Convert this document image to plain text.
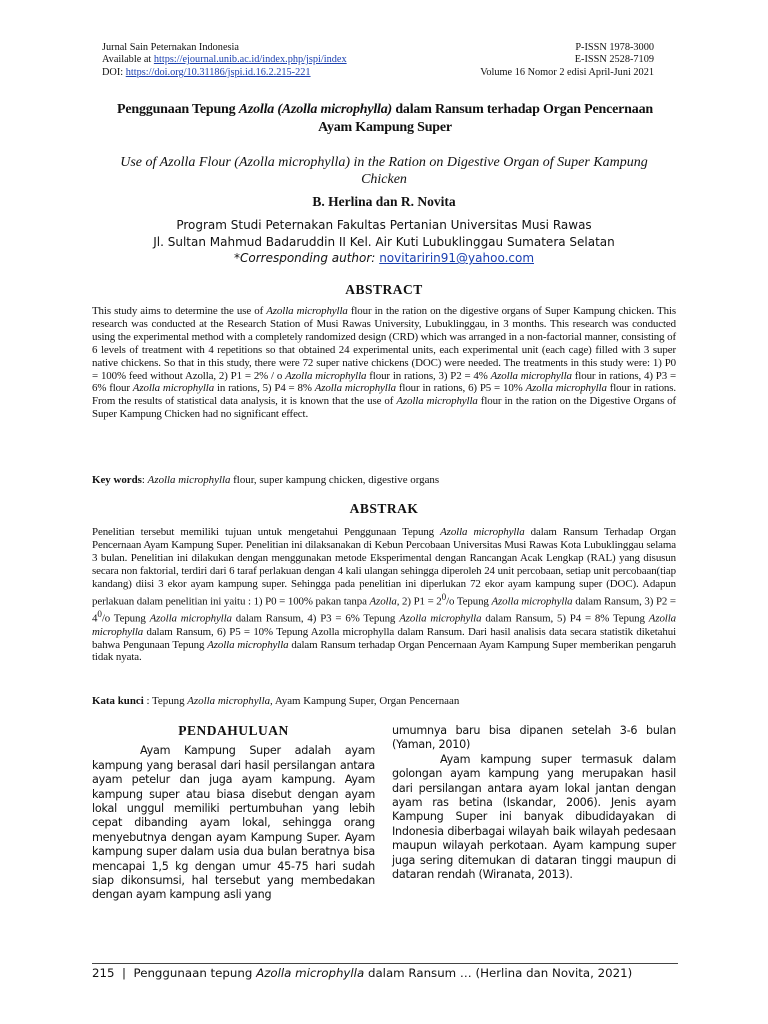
Jurnal Sain Peternakan Indonesia	P-ISSN 1978-3000
Available at https://ejournal.unib.ac.id/index.php/jspi/index	E-ISSN 2528-7109
DOI: https://doi.org/10.31186/jspi.id.16.2.215-221	Volume 16 Nomor 2 edisi April-Juni 2021
Penggunaan Tepung Azolla (Azolla microphylla) dalam Ransum terhadap Organ Pencernaan
Ayam Kampung Super
Use of Azolla Flour (Azolla microphylla) in the Ration on Digestive Organ of Super Kampung Chicken
B. Herlina dan R. Novita
Program Studi Peternakan Fakultas Pertanian Universitas Musi Rawas
Jl. Sultan Mahmud Badaruddin II Kel. Air Kuti Lubuklinggau Sumatera Selatan
*Corresponding author: novitaririn91@yahoo.com
ABSTRACT
This study aims to determine the use of Azolla microphylla flour in the ration on the digestive organs of Super Kampung chicken. This research was conducted at the Research Station of Musi Rawas University, Lubuklinggau, in 3 months. This research was conducted using the experimental method with a completely randomized design (CRD) which was arranged in a non-factorial manner, consisting of 6 levels of treatment with 4 repetitions so that obtained 24 experimental units, each experimental unit (each cage) filled with 3 super native chickens. So that in this study, there were 72 super native chickens (DOC) were needed. The treatments in this study were: 1) P0 = 100% feed without Azolla, 2) P1 = 2% / o Azolla microphylla flour in rations, 3) P2 = 4% Azolla microphylla flour in rations, 4) P3 = 6% flour Azolla microphylla in rations, 5) P4 = 8% Azolla microphylla flour in rations, 6) P5 = 10% Azolla microphylla flour in rations. From the results of statistical data analysis, it is known that the use of Azolla microphylla flour in the ration on the Digestive Organs of Super Kampung Chicken had no significant effect.
Key words: Azolla microphylla flour, super kampung chicken, digestive organs
ABSTRAK
Penelitian tersebut memiliki tujuan untuk mengetahui Penggunaan Tepung Azolla microphylla dalam Ransum Terhadap Organ Pencernaan Ayam Kampung Super. Penelitian ini dilaksanakan di Kebun Percobaan Universitas Musi Rawas Kota Lubuklinggau selama 3 bulan. Penelitian ini dilakukan dengan menggunakan metode Eksperimental dengan Rancangan Acak Lengkap (RAL) yang disusun secara non faktorial, terdiri dari 6 taraf perlakuan dengan 4 kali ulangan sehingga diperoleh 24 unit percobaan, setiap unit percobaan(tiap kandang) diisi 3 ekor ayam kampung super. Sehingga pada penelitian ini diperlukan 72 ekor ayam kampung super (DOC). Adapun perlakuan dalam penelitian ini yaitu : 1) P0 = 100% pakan tanpa Azolla, 2) $P1 = 2^0/o$ Tepung Azolla microphylla dalam Ransum, 3) $P2 = 4^0/o$ Tepung Azolla microphylla dalam Ransum, 4) P3 = 6% Tepung Azolla microphylla dalam Ransum, 5) P4 = 8% Tepung Azolla microphylla dalam Ransum, 6) P5 = 10% Tepung Azolla microphylla dalam Ransum. Dari hasil analisis data secara statistik diketahui bahwa Pengunaan Tepung Azolla microphylla dalam Ransum terhadap Organ Pencernaan Ayam Kampung Super memberikan pengaruh tidak nyata.
Kata kunci : Tepung Azolla microphylla, Ayam Kampung Super, Organ Pencernaan

PENDAHULUAN

Ayam Kampung Super adalah ayam kampung yang berasal dari hasil persilangan antara ayam petelur dan juga ayam kampung. Ayam kampung super atau biasa disebut dengan ayam lokal unggul memiliki pertumbuhan yang lebih cepat dibanding ayam lokal, sehingga orang menyebutnya dengan ayam Kampung Super. Ayam kampung super dalam usia dua bulan beratnya bisa mencapai 1,5 kg dengan umur 45-75 hari sudah siap dikonsumsi, hal tersebut yang membedakan dengan ayam kampung asli yang

umumnya baru bisa dipanen setelah 3-6 bulan (Yaman, 2010)

Ayam kampung super termasuk dalam golongan ayam kampung yang merupakan hasil dari persilangan antara ayam lokal jantan dengan ayam ras betina (Iskandar, 2006). Jenis ayam Kampung Super ini banyak dibudidayakan di Indonesia diberbagai wilayah baik wilayah pedesaan maupun wilayah perkotaan. Ayam kampung super juga sering ditemukan di dataran tinggi maupun di dataran rendah (Wiranata, 2013).

215  |  Penggunaan tepung Azolla microphylla dalam Ransum … (Herlina dan Novita, 2021)
